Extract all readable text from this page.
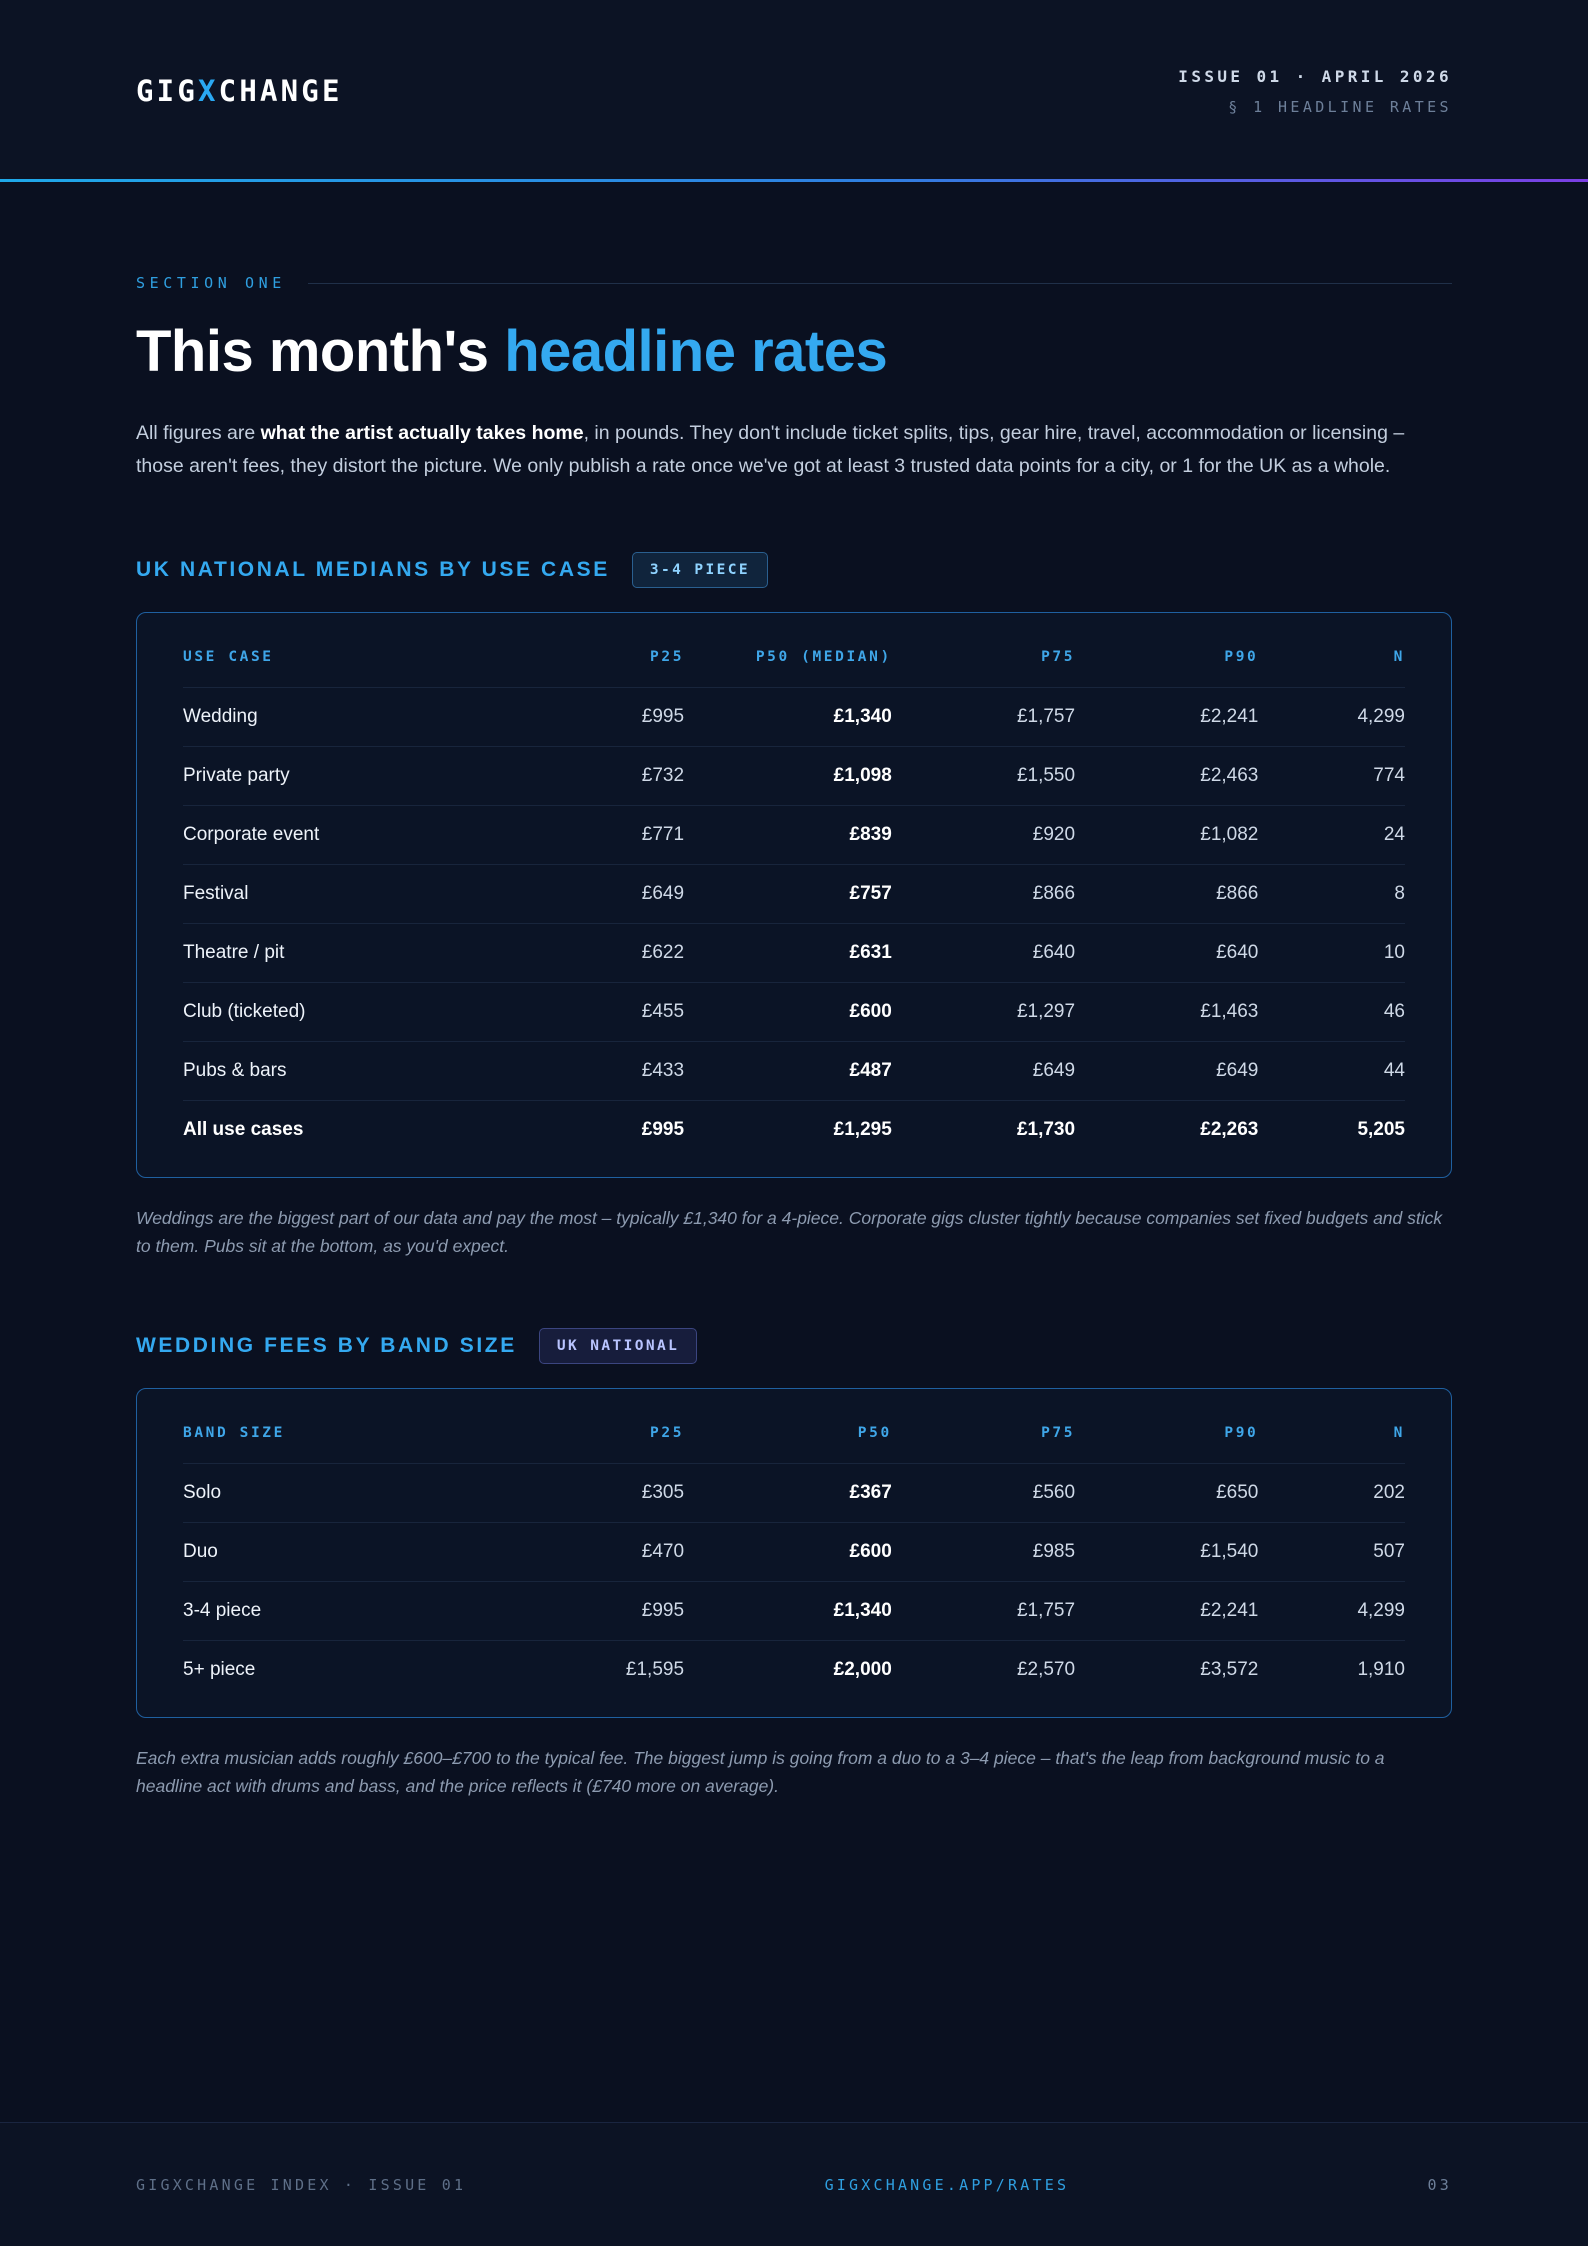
GIGXCHANGE	ISSUE 01 · APRIL 2026
§ 1 HEADLINE RATES
SECTION ONE
This month's headline rates

All figures are what the artist actually takes home, in pounds. They don't include ticket splits, tips, gear hire, travel, accommodation or licensing – those aren't fees, they distort the picture. We only publish a rate once we've got at least 3 trusted data points for a city, or 1 for the UK as a whole.

UK NATIONAL MEDIANS BY USE CASE	3-4 PIECE
USE CASE	P25	P50 (MEDIAN)	P75	P90	N
Wedding	£995	£1,340	£1,757	£2,241	4,299
Private party	£732	£1,098	£1,550	£2,463	774
Corporate event	£771	£839	£920	£1,082	24
Festival	£649	£757	£866	£866	8
Theatre / pit	£622	£631	£640	£640	10
Club (ticketed)	£455	£600	£1,297	£1,463	46
Pubs & bars	£433	£487	£649	£649	44
All use cases	£995	£1,295	£1,730	£2,263	5,205

Weddings are the biggest part of our data and pay the most – typically £1,340 for a 4-piece. Corporate gigs cluster tightly because companies set fixed budgets and stick to them. Pubs sit at the bottom, as you'd expect.

WEDDING FEES BY BAND SIZE	UK NATIONAL
BAND SIZE	P25	P50	P75	P90	N
Solo	£305	£367	£560	£650	202
Duo	£470	£600	£985	£1,540	507
3-4 piece	£995	£1,340	£1,757	£2,241	4,299
5+ piece	£1,595	£2,000	£2,570	£3,572	1,910

Each extra musician adds roughly £600–£700 to the typical fee. The biggest jump is going from a duo to a 3–4 piece – that's the leap from background music to a headline act with drums and bass, and the price reflects it (£740 more on average).

GIGXCHANGE INDEX · ISSUE 01	GIGXCHANGE.APP/RATES	03
